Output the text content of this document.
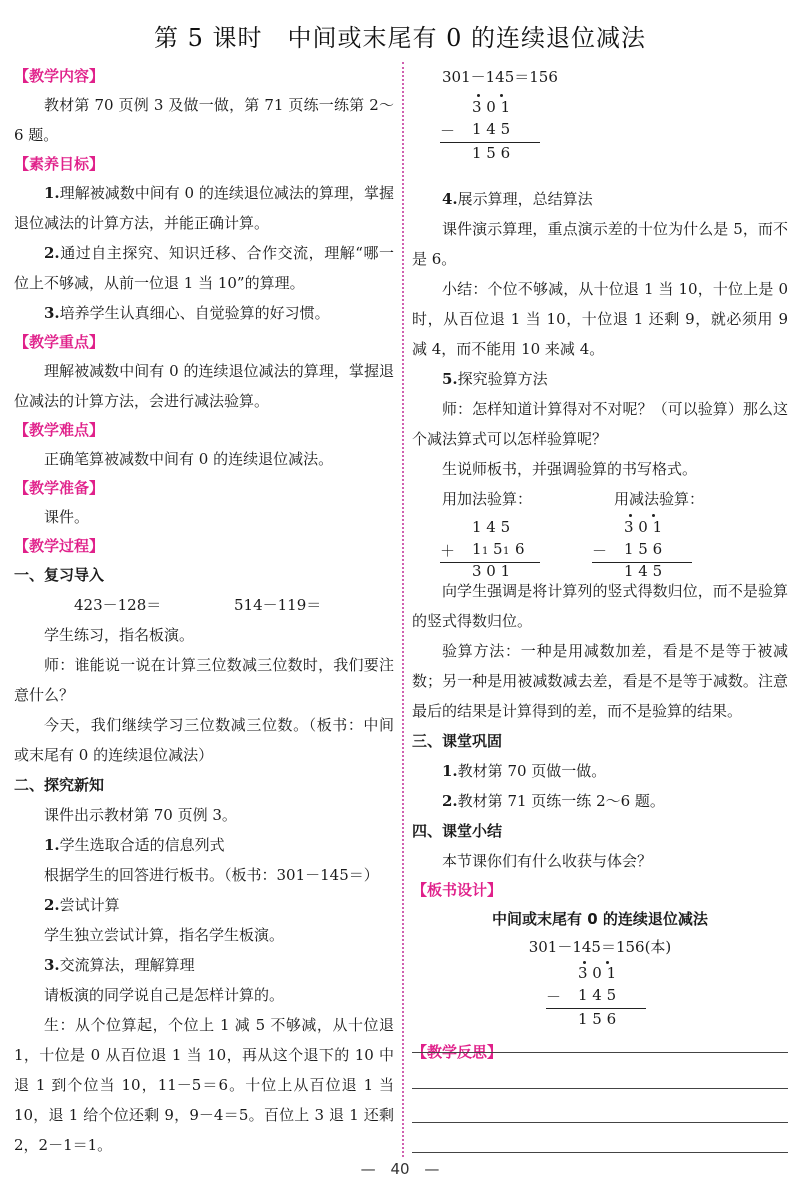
第 5 课时　中间或末尾有 0 的连续退位减法
【教学内容】
教材第 70 页例 3 及做一做，第 71 页练一练第 2～6 题。
【素养目标】
1.理解被减数中间有 0 的连续退位减法的算理，掌握退位减法的计算方法，并能正确计算。
2.通过自主探究、知识迁移、合作交流，理解“哪一位上不够减，从前一位退 1 当 10”的算理。
3.培养学生认真细心、自觉验算的好习惯。
【教学重点】
理解被减数中间有 0 的连续退位减法的算理，掌握退位减法的计算方法，会进行减法验算。
【教学难点】
正确笔算被减数中间有 0 的连续退位减法。
【教学准备】
课件。
【教学过程】
一、复习导入
423－128＝	514－119＝
学生练习，指名板演。
师：谁能说一说在计算三位数减三位数时，我们要注意什么？
今天，我们继续学习三位数减三位数。（板书：中间或末尾有 0 的连续退位减法）
二、探究新知
课件出示教材第 70 页例 3。
1.学生选取合适的信息列式
根据学生的回答进行板书。（板书：301－145＝）
2.尝试计算
学生独立尝试计算，指名学生板演。
3.交流算法，理解算理
请板演的同学说自己是怎样计算的。
生：从个位算起，个位上 1 减 5 不够减，从十位退 1，十位是 0 从百位退 1 当 10，再从这个退下的 10 中退 1 到个位当 10，11－5＝6。十位上从百位退 1 当 10，退 1 给个位还剩 9，9－4＝5。百位上 3 退 1 还剩 2，2－1＝1。
301－145＝156
3 0 1
－ 1 4 5
1 5 6
4.展示算理，总结算法
课件演示算理，重点演示差的十位为什么是 5，而不是 6。
小结：个位不够减，从十位退 1 当 10，十位上是 0 时，从百位退 1 当 10，十位退 1 还剩 9，就必须用 9 减 4，而不能用 10 来减 4。
5.探究验算方法
师：怎样知道计算得对不对呢？（可以验算）那么这个减法算式可以怎样验算呢？
生说师板书，并强调验算的书写格式。
用加法验算：	用减法验算：
1 4 5
＋ 1 1 5 1 6
3 0 1
3 0 1
－ 1 5 6
1 4 5
向学生强调是将计算列的竖式得数归位，而不是验算的竖式得数归位。
验算方法：一种是用减数加差，看是不是等于被减数；另一种是用被减数减去差，看是不是等于减数。注意最后的结果是计算得到的差，而不是验算的结果。
三、课堂巩固
1.教材第 70 页做一做。
2.教材第 71 页练一练 2～6 题。
四、课堂小结
本节课你们有什么收获与体会？
【板书设计】
中间或末尾有 0 的连续退位减法
301－145＝156(本)
3 0 1
－ 1 4 5
1 5 6
【教学反思】
— 40 —
